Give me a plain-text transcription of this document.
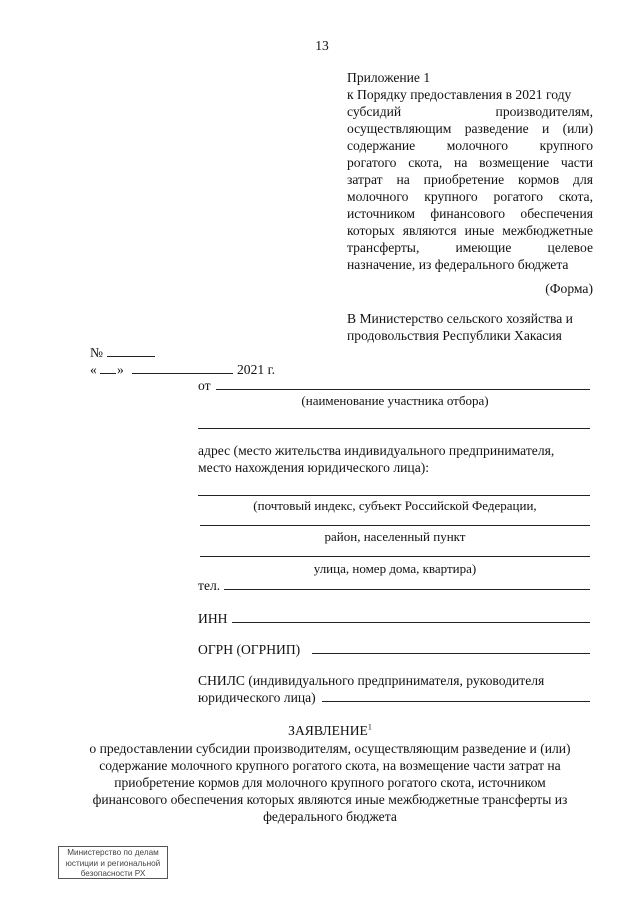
13
Приложение 1
к Порядку предоставления в 2021 году
субсидий производителям,
осуществляющим разведение и (или)
содержание молочного крупного
рогатого скота, на возмещение части
затрат на приобретение кормов для
молочного крупного рогатого скота,
источником финансового обеспечения
которых являются иные межбюджетные
трансферты, имеющие целевое
назначение, из федерального бюджета
(Форма)
В Министерство сельского хозяйства и
продовольствия Республики Хакасия
№
« »	2021 г.
от
(наименование участника отбора)
адрес (место жительства индивидуального предпринимателя,
место нахождения юридического лица):
(почтовый индекс, субъект Российской Федерации,
район, населенный пункт
улица, номер дома, квартира)
тел.
ИНН
ОГРН (ОГРНИП)
СНИЛС (индивидуального предпринимателя, руководителя
юридического лица)
ЗАЯВЛЕНИЕ$^1$
о предоставлении субсидии производителям, осуществляющим разведение и (или)
содержание молочного крупного рогатого скота, на возмещение части затрат на
приобретение кормов для молочного крупного рогатого скота, источником
финансового обеспечения которых являются иные межбюджетные трансферты из
федерального бюджета
Министерство по делам
юстиции и региональной
безопасности РХ
